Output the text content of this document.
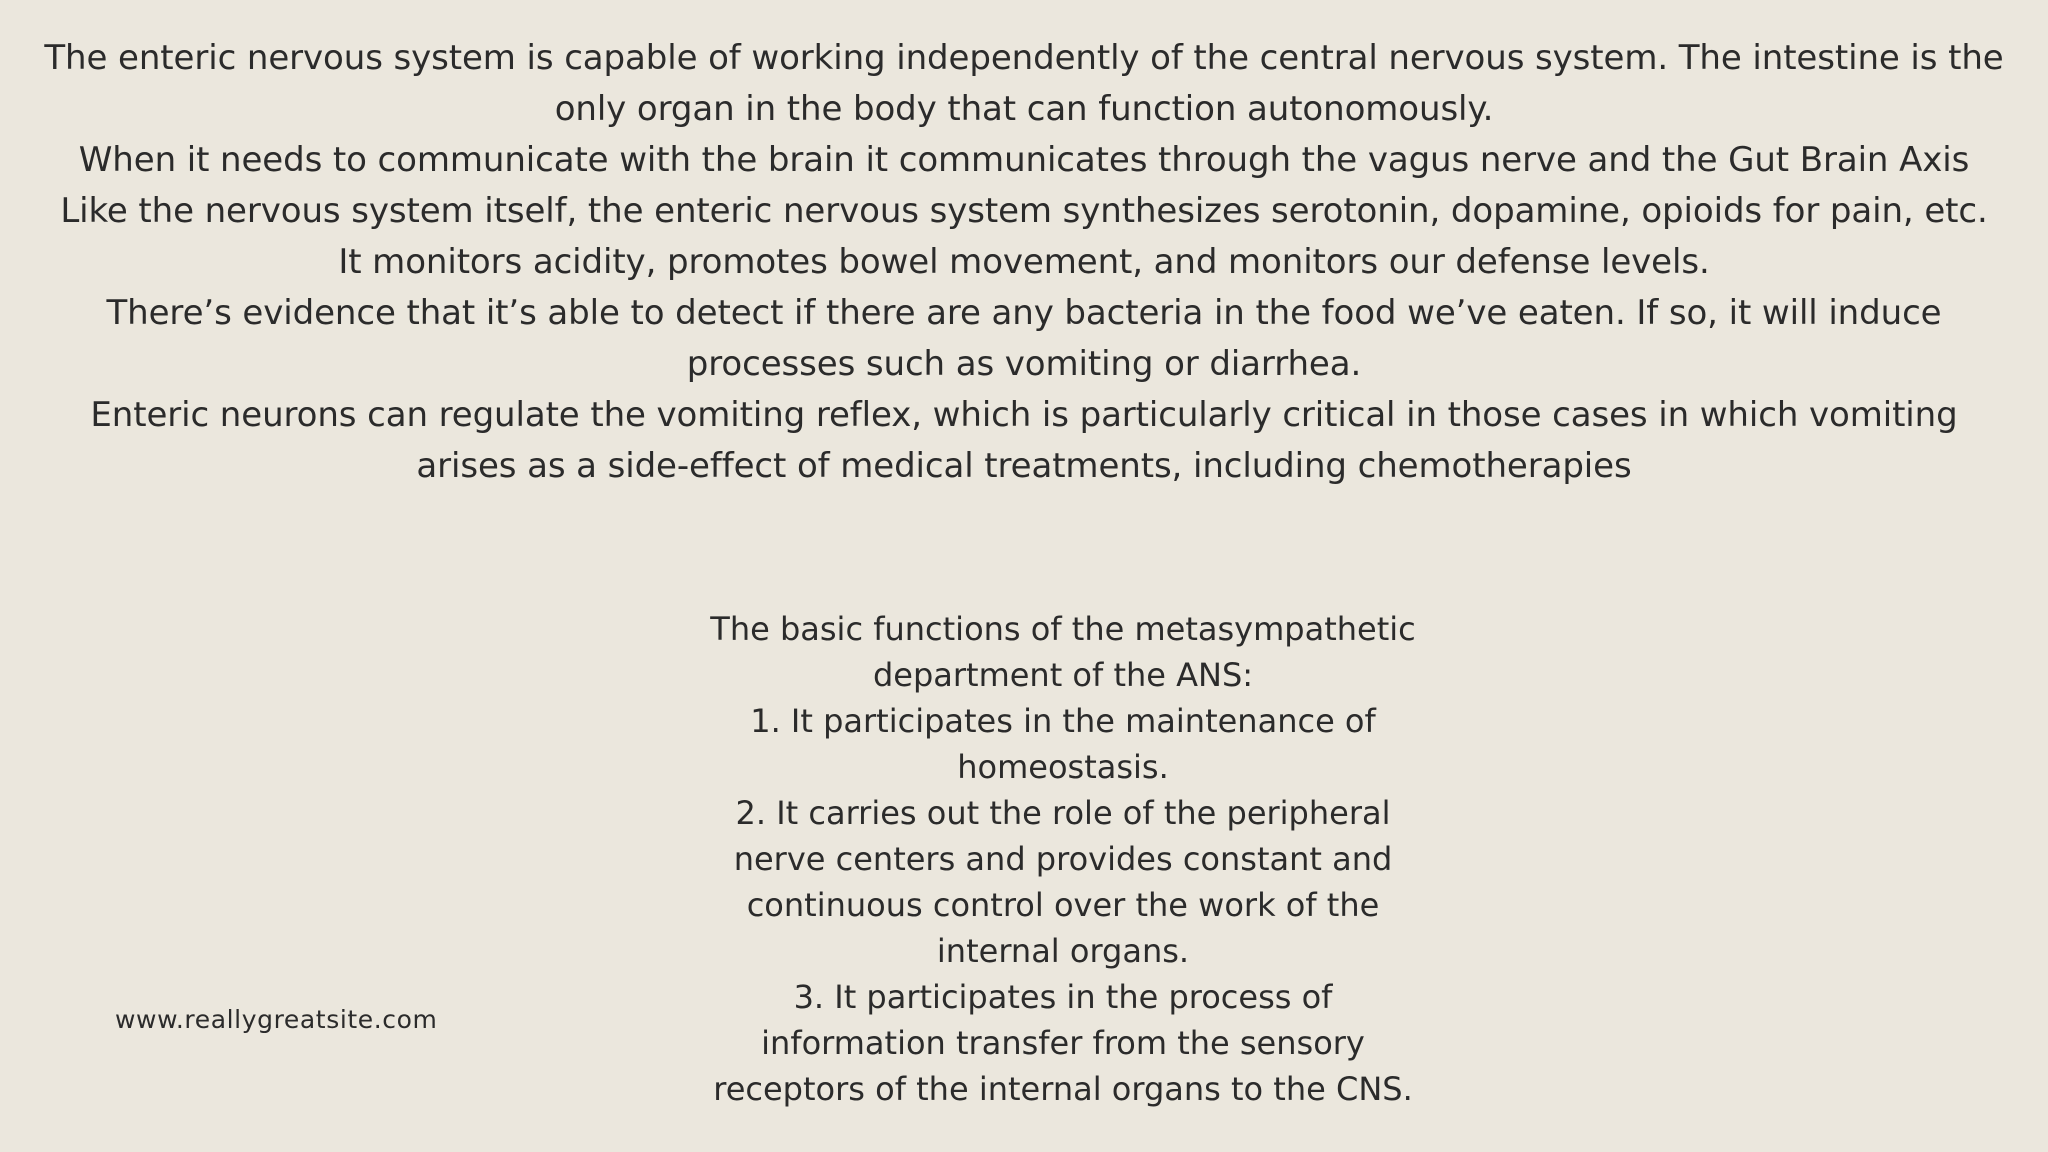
The enteric nervous system is capable of working independently of the central nervous system. The intestine is the only organ in the body that can function autonomously.

When it needs to communicate with the brain it communicates through the vagus nerve and the Gut Brain Axis

Like the nervous system itself, the enteric nervous system synthesizes serotonin, dopamine, opioids for pain, etc.

It monitors acidity, promotes bowel movement, and monitors our defense levels.

There’s evidence that it’s able to detect if there are any bacteria in the food we’ve eaten. If so, it will induce processes such as vomiting or diarrhea.

Enteric neurons can regulate the vomiting reflex, which is particularly critical in those cases in which vomiting arises as a side-effect of medical treatments, including chemotherapies

The basic functions of the metasympathetic department of the ANS:

1. It participates in the maintenance of homeostasis.

2. It carries out the role of the peripheral nerve centers and provides constant and continuous control over the work of the internal organs.

3. It participates in the process of information transfer from the sensory receptors of the internal organs to the CNS.

www.reallygreatsite.com
